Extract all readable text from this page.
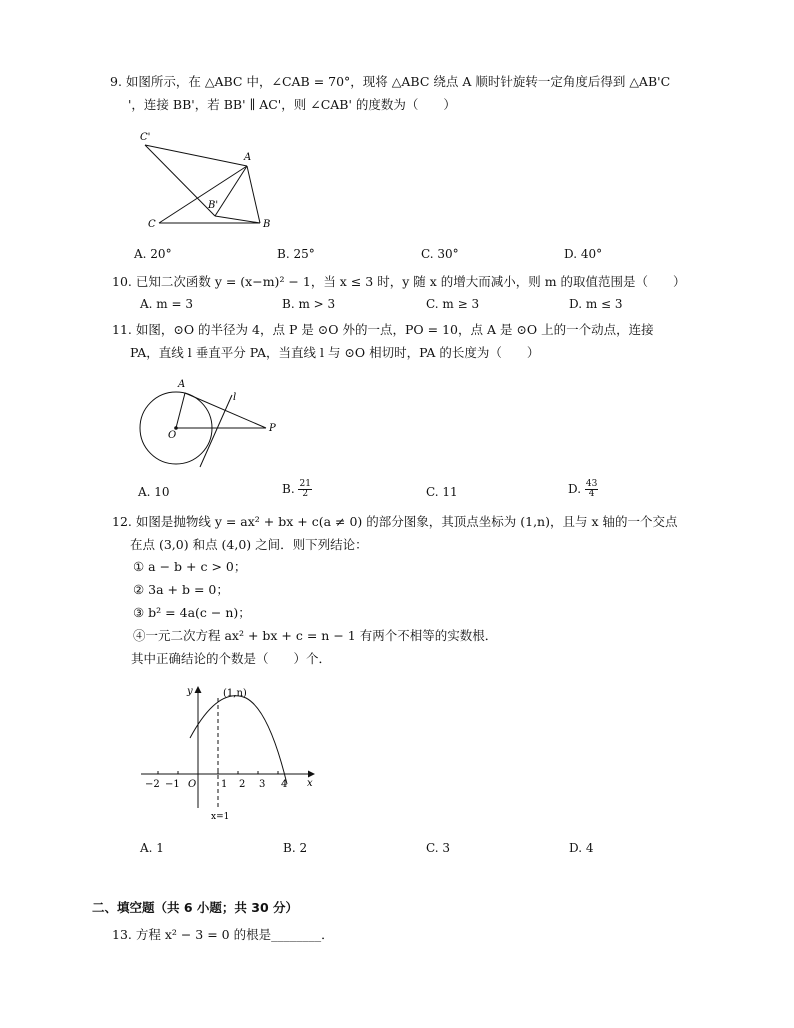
9. 如图所示，在 △ABC 中，∠CAB = 70°，现将 △ABC 绕点 A 顺时针旋转一定角度后得到 △AB'C
'，连接 BB'，若 BB' ∥ AC'，则 ∠CAB' 的度数为（　　）
C'
A
B'
C	B
A. 20°	B. 25°	C. 30°	D. 40°
10. 已知二次函数 y = (x−m)² − 1，当 x ≤ 3 时，y 随 x 的增大而减小，则 m 的取值范围是（　　）
A. m = 3	B. m > 3	C. m ≥ 3	D. m ≤ 3
11. 如图，⊙O 的半径为 4，点 P 是 ⊙O 外的一点，PO = 10，点 A 是 ⊙O 上的一个动点，连接
PA，直线 l 垂直平分 PA，当直线 l 与 ⊙O 相切时，PA 的长度为（　　）
A
l
O
P
A. 10	B. $\frac{21}{2}$	C. 11	D. $\frac{43}{4}$
12. 如图是抛物线 y = ax² + bx + c(a ≠ 0) 的部分图象，其顶点坐标为 (1,n)，且与 x 轴的一个交点
在点 (3,0) 和点 (4,0) 之间．则下列结论：
① a − b + c > 0；
② 3a + b = 0；
③ b² = 4a(c − n)；
④一元二次方程 ax² + bx + c = n − 1 有两个不相等的实数根．
其中正确结论的个数是（　　）个．
y	(1,n)
x
O
−2 −1	1 2 3 4
x=1
A. 1	B. 2	C. 3	D. 4
二、填空题（共 6 小题；共 30 分）
13. 方程 x² − 3 = 0 的根是________．
